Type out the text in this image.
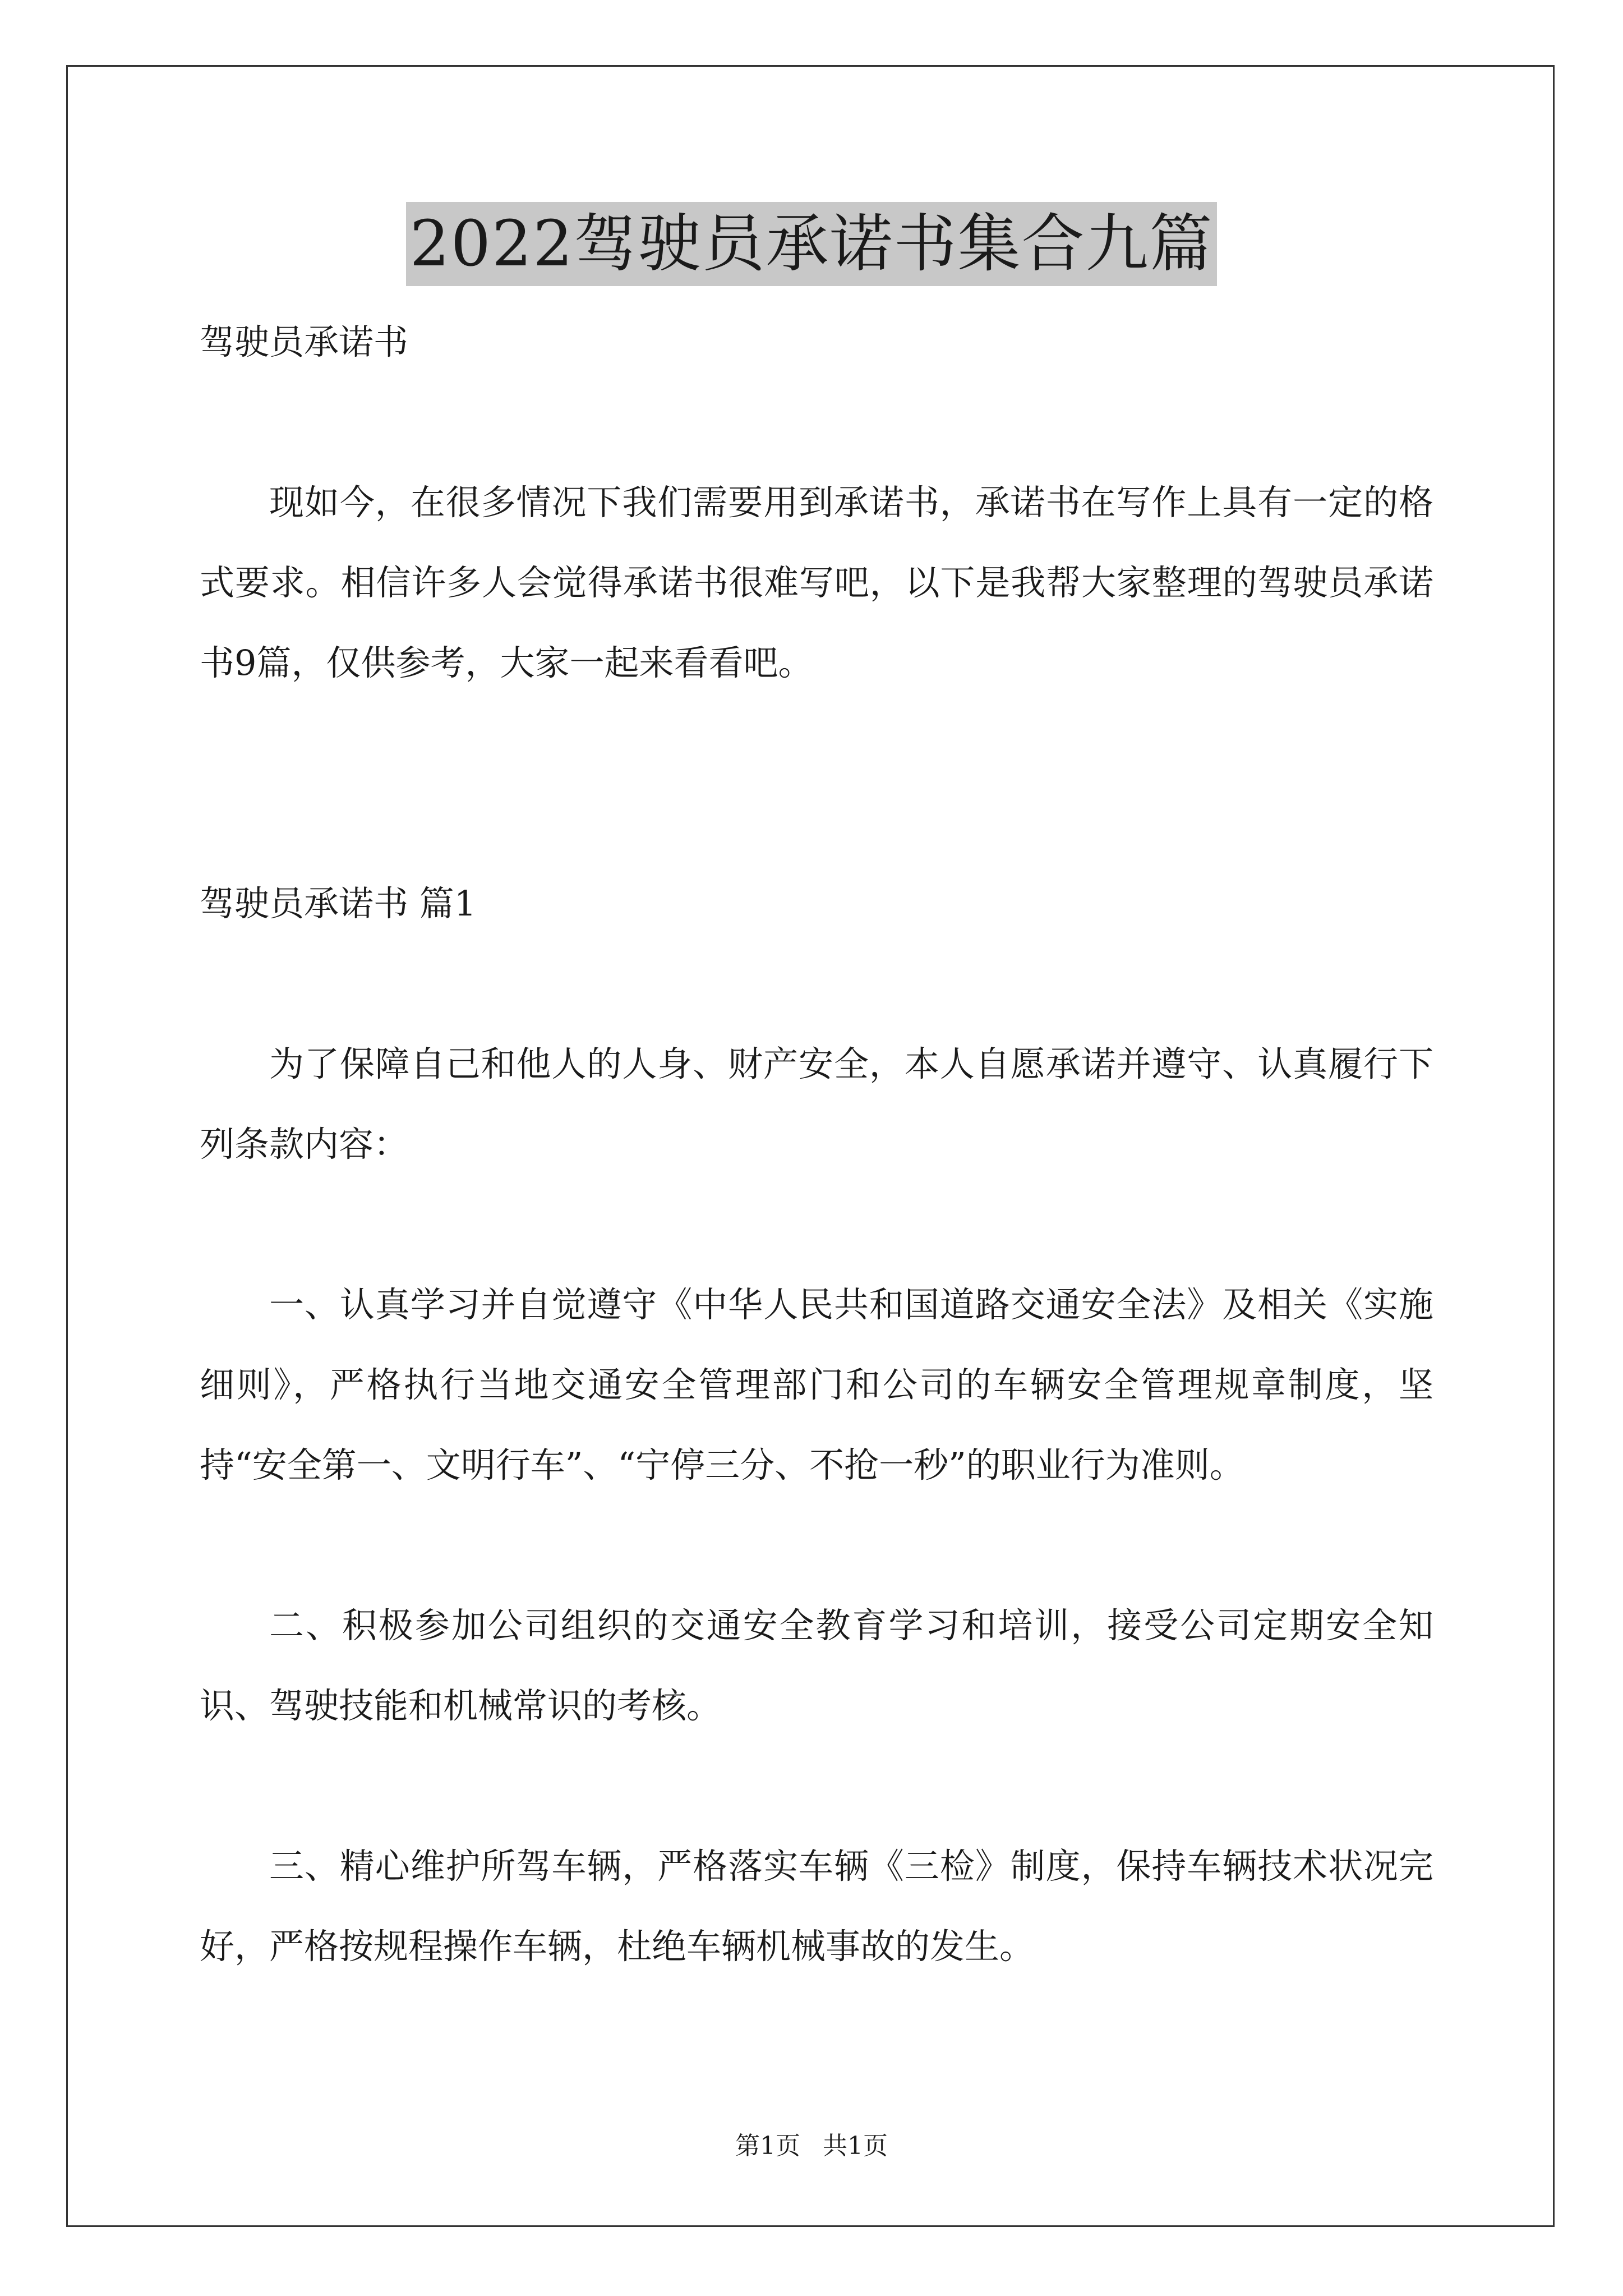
2022驾驶员承诺书集合九篇

驾驶员承诺书

现如今，在很多情况下我们需要用到承诺书，承诺书在写作上具有一定的格式要求。相信许多人会觉得承诺书很难写吧，以下是我帮大家整理的驾驶员承诺书9篇，仅供参考，大家一起来看看吧。

驾驶员承诺书 篇1

为了保障自己和他人的人身、财产安全，本人自愿承诺并遵守、认真履行下 列条款内容：

一、认真学习并自觉遵守《中华人民共和国道路交通安全法》及相关《实施细则》，严格执行当地交通安全管理部门和公司的车辆安全管理规章制度，坚持“安全第一、文明行车”、“宁停三分、不抢一秒”的职业行为准则。

二、积极参加公司组织的交通安全教育学习和培训，接受公司定期安全知识、驾驶技能和机械常识的考核。

三、精心维护所驾车辆，严格落实车辆《三检》制度，保持车辆技术状况完 好，严格按规程操作车辆，杜绝车辆机械事故的发生。

第1页 共1页
